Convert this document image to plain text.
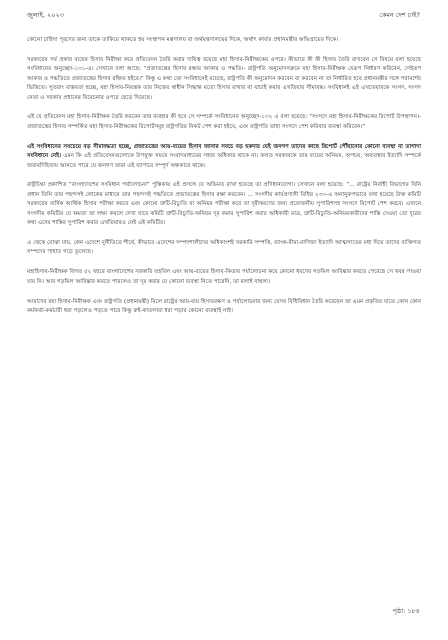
জুলাই, ২০২৩	কেমন দেশ চাই?

কোনো চাহিদা পূরণের জন্য তাকে তাকিয়ে থাকতে হয় সংস্থাপন মন্ত্রণালয় বা অর্থমন্ত্রণালয়ের দিকে, অর্থাৎ কার্যত প্রধানমন্ত্রীর অভিপ্রায়ের দিকে।

সরকারের সর্ব প্রকার ব্যয়ের হিসাব নিরীক্ষা করে প্রতিবেদন তৈরি করার দায়িত্ব রয়েছে মহা হিসাব-নিরীক্ষকের ওপরে। কীভাবে কী কী হিসাব তৈরি রাখবেন সে বিষয়ে বলা হয়েছে সংবিধানের অনুচ্ছেদ-১৩১-এ। সেখানে বলা আছে: “প্রজাতন্ত্রের হিসাব রক্ষার আকার ও পদ্ধতি।- রাষ্ট্রপতি অনুমোদনক্রমে মহা হিসাব-নিরীক্ষক যেরূপ নির্ধারণ করিবেন, সেইরূপ আকার ও পদ্ধতিতে প্রজাতন্ত্রের হিসাব রক্ষিত হইবে।” কিন্তু এ কথা তো সংবিধানেই রয়েছে, রাষ্ট্রপতি কী অনুমোদন করবেন বা করবেন না তা নির্ধারিত হবে প্রধানমন্ত্রীর সঙ্গে পরামর্শের ভিত্তিতে। সুতরাং বাস্তবতা হচ্ছে, মহা হিসাব-নিয়ন্ত্রক তার নিজের স্বাধীন সিদ্ধান্ত মতো হিসাব রাখার বা যাচাই করার এখতিয়ার সীমাবদ্ধ। সংবিধানই এই এখতেয়ারকে সংসদ, সংসদ নেতা ও সরকার প্রধানের বিবেচনার ওপরে ছেড়ে দিয়েছে।

এই যে প্রতিবেদন মহা হিসাব-নিরীক্ষক তৈরি করবেন তার ব্যবহার কী হবে সে সম্পর্কে সংবিধানের অনুচ্ছেদ-১৩২ এ বলা হয়েছে: “সংসদে মহা হিসাব-নিরীক্ষকের রিপোর্ট উপস্থাপন।- প্রজাতন্ত্রের হিসাব সম্পর্কিত মহা হিসাব-নিরীক্ষকের রিপোর্টসমূহ রাষ্ট্রপতির নিকট পেশ করা হইবে, এবং রাষ্ট্রপতি তাহা সংসদে পেশ করিবার ব্যবস্থা করিবেন।”

এই সংবিধানের সবচেয়ে বড় সীমাবদ্ধতা হচ্ছে, প্রজাতন্ত্রের আয়-ব্যয়ের হিসাব জানার সবচে বড় হকদার যেই জনগণ তাদের কাছে রিপোর্ট পৌঁছানোর কোনো ব্যবস্থা বা তাগাদা সংবিধানে নেই। এমন কি এই প্রতিবেদনগুলোকে উপযুক্ত সময়ে সংবাদমাধ্যমের সহজ অধিকার থাকে না। ফলত সরকারকে তার ব্যয়ের অনিয়ম, অপচয়, অব্যবস্থার ইত্যাদি সম্পর্কে জবাবদিহিতায় আনতে পারে যে জনগণ তারা এই ব্যাপারে সম্পূর্ণ অন্ধকারে থাকে।

রাষ্ট্রচিন্তা প্রকাশিত “বাংলাদেশের সংবিধান পর্যালোচনা” পুস্তিকায় এই প্রসঙ্গে যে অভিমত রাখা হয়েছে তা প্রণিধানযোগ্য। সেখানে বলা হয়েছে: “... রাষ্ট্রের নির্বাহী বিভাগের যিনি প্রধান তিনি তার পছন্দসই লোকের মাধ্যমে তার পছন্দসই পদ্ধতিতে প্রজাতন্ত্রের হিসাব রক্ষা করবেন। ... সংসদীয় কার্যপ্রণালী বিধির ২৩৩-এ অনানুরুপভাবে বলা হয়েছে উক্ত কমিটি সরকারের বার্ষিক আর্থিক হিসাব পরীক্ষা করবে এবং কোনো ত্রুটি-বিচ্যুতি বা অনিয়ম পরীক্ষা করে তা দূরীকরণের জন্য প্রয়োজনীয় সুপারিশসহ সংসদে রিপোর্ট পেশ করবে। এখানে সংসদীয় কমিটির যে ক্ষমতা তা লক্ষ্য করলে দেখা যাবে কমিটি ত্রুটি-বিচ্যুতি-অনিয়ম দূর করার সুপারিশ করার অধিকারী মাত্র, ত্রুটি-বিচ্যুতি-অনিয়মকারীদের শাস্তি দেওয়া তো দূরের কথা এদের শাস্তির সুপারিশ করার এখতিয়ারও নেই এই কমিটির।

এ থেকে বোঝা যায়, কেন এদেশে দুর্নীতিতে শীর্ষে, কীভাবে এদেশের সম্পদশালীদের অধিকাংশই সরকারি সম্পত্তি, ব্যাংক-বীমা-বাণিজ্য ইত্যাদি আত্মসাতের মধ্য দিয়ে তাদের ব্যক্তিগত সম্পদের পাহাড় গড়ে তুলেছে।

মহাহিসাব-নিরীক্ষক বিগত ৫২ বছরে বাংলাদেশের সরকারি তহবিল এবং আয়-ব্যয়ের হিসাব-কিতাব পর্যালোচনা করে কোনো ধরণের গড়মিল আবিষ্কার করতে পেরেছে সে খবর পাওয়া যায় নি। আর গড়মিল আবিষ্কার করতে পারলেও তা দূর করার যে কোনো ব্যবস্থা নিতে পারেনি, তা বলাই বাহুল্য।

আমাদের মহা হিসাব-নিরীক্ষক এবং রাষ্ট্রপতি (প্রধানমন্ত্রী) মিলে রাষ্ট্রের আয়-ব্যয় হিসাবরক্ষণ ও পর্যালোচনার জন্য যেসব বিধিবিধান তৈরি করেছেন তা এমন প্রকৃতির যাতে কোন কোন কর্মকর্তা-কর্মচারী ধরা পড়লেও পড়তে পারে কিন্তু রুই-কাতলারা ধরা পড়ার কোনো ব্যবস্থাই নাই।

পৃষ্ঠা: ১৮৪
